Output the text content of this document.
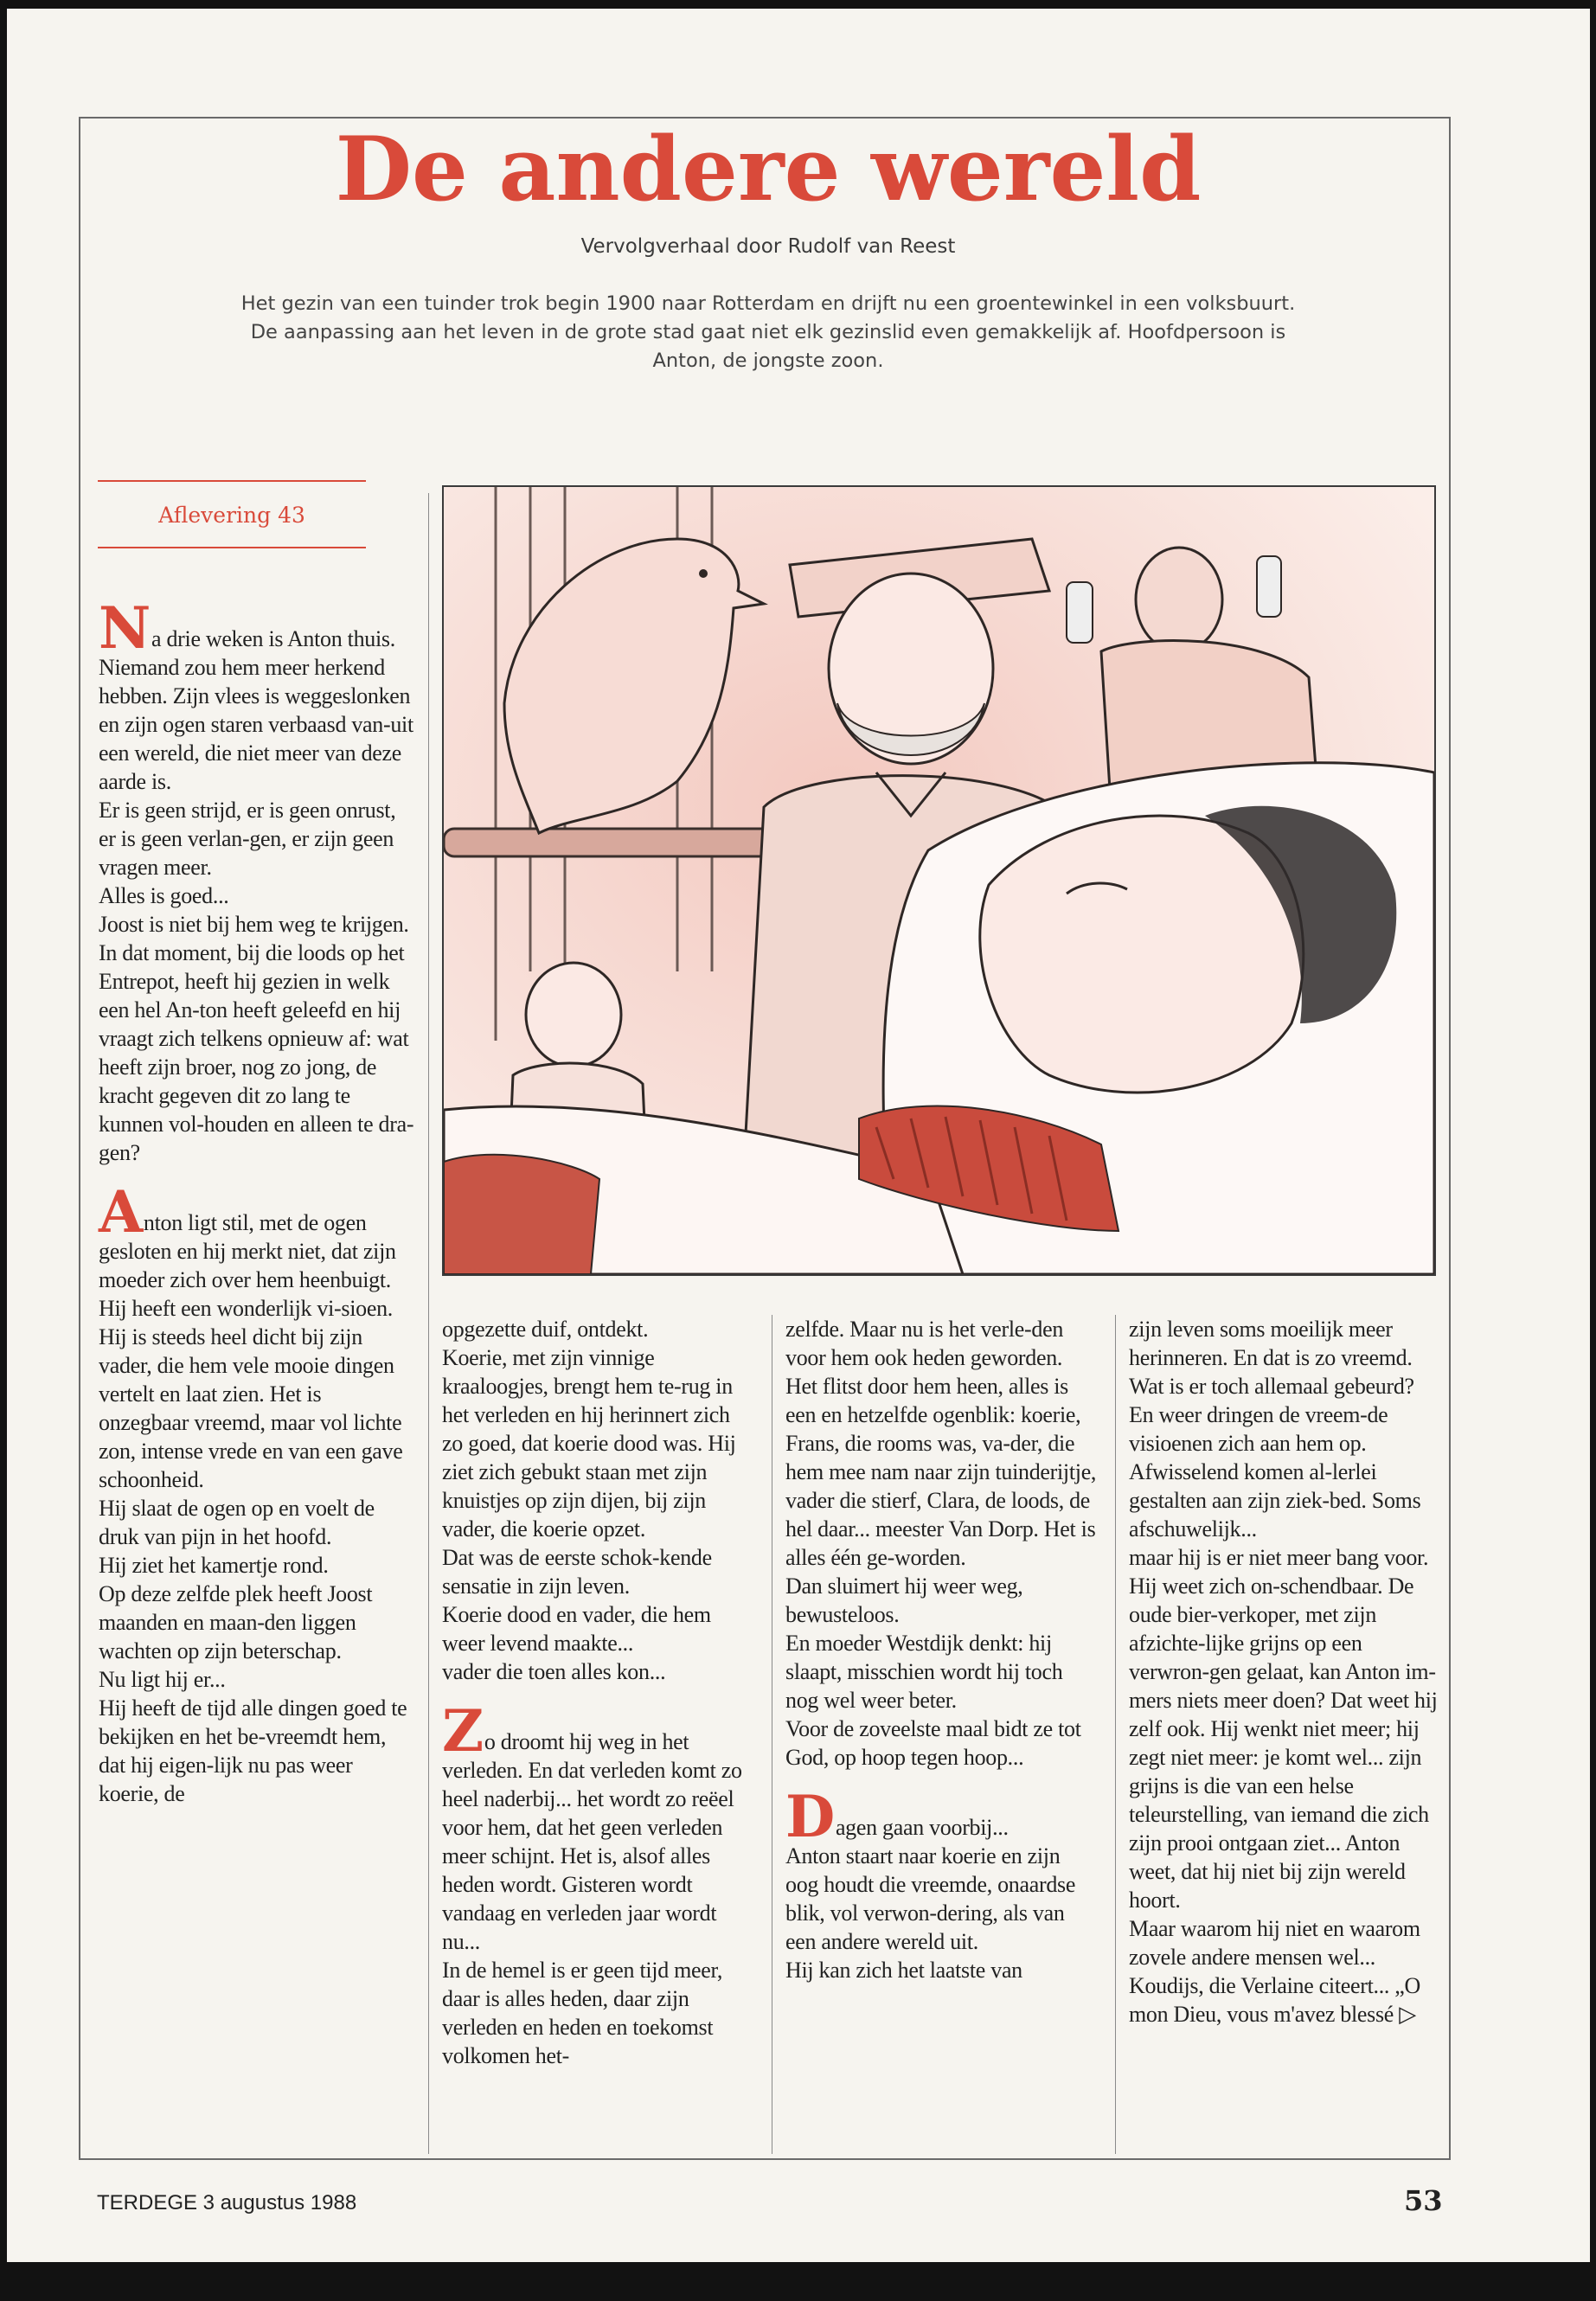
De andere wereld
Vervolgverhaal door Rudolf van Reest
Het gezin van een tuinder trok begin 1900 naar Rotterdam en drijft nu een groentewinkel in een volksbuurt. De aanpassing aan het leven in de grote stad gaat niet elk gezinslid even gemakkelijk af. Hoofdpersoon is Anton, de jongste zoon.
Aflevering 43

Na drie weken is Anton thuis.
Niemand zou hem meer herkend hebben. Zijn vlees is weggeslonken en zijn ogen staren verbaasd van-uit een wereld, die niet meer van deze aarde is.
Er is geen strijd, er is geen onrust, er is geen verlan-gen, er zijn geen vragen meer.
Alles is goed...
Joost is niet bij hem weg te krijgen.
In dat moment, bij die loods op het Entrepot, heeft hij gezien in welk een hel An-ton heeft geleefd en hij vraagt zich telkens opnieuw af: wat heeft zijn broer, nog zo jong, de kracht gegeven dit zo lang te kunnen vol-houden en alleen te dra-gen?

Anton ligt stil, met de ogen gesloten en hij merkt niet, dat zijn moeder zich over hem heenbuigt.
Hij heeft een wonderlijk vi-sioen.
Hij is steeds heel dicht bij zijn vader, die hem vele mooie dingen vertelt en laat zien. Het is onzegbaar vreemd, maar vol lichte zon, intense vrede en van een gave schoonheid.
Hij slaat de ogen op en voelt de druk van pijn in het hoofd.
Hij ziet het kamertje rond.
Op deze zelfde plek heeft Joost maanden en maan-den liggen wachten op zijn beterschap.
Nu ligt hij er...
Hij heeft de tijd alle dingen goed te bekijken en het be-vreemdt hem, dat hij eigen-lijk nu pas weer koerie, de

opgezette duif, ontdekt.
Koerie, met zijn vinnige kraaloogjes, brengt hem te-rug in het verleden en hij herinnert zich zo goed, dat koerie dood was. Hij ziet zich gebukt staan met zijn knuistjes op zijn dijen, bij zijn vader, die koerie opzet.
Dat was de eerste schok-kende sensatie in zijn leven.
Koerie dood en vader, die hem weer levend maakte...
vader die toen alles kon...

Zo droomt hij weg in het verleden. En dat verleden komt zo heel naderbij... het wordt zo reëel voor hem, dat het geen verleden meer schijnt. Het is, alsof alles heden wordt. Gisteren wordt vandaag en verleden jaar wordt nu...
In de hemel is er geen tijd meer, daar is alles heden, daar zijn verleden en heden en toekomst volkomen het-

zelfde. Maar nu is het verle-den voor hem ook heden geworden. Het flitst door hem heen, alles is een en hetzelfde ogenblik: koerie, Frans, die rooms was, va-der, die hem mee nam naar zijn tuinderijtje, vader die stierf, Clara, de loods, de hel daar... meester Van Dorp. Het is alles één ge-worden.
Dan sluimert hij weer weg, bewusteloos.
En moeder Westdijk denkt: hij slaapt, misschien wordt hij toch nog wel weer beter.
Voor de zoveelste maal bidt ze tot God, op hoop tegen hoop...

Dagen gaan voorbij...
Anton staart naar koerie en zijn oog houdt die vreemde, onaardse blik, vol verwon-dering, als van een andere wereld uit.
Hij kan zich het laatste van

zijn leven soms moeilijk meer herinneren. En dat is zo vreemd. Wat is er toch allemaal gebeurd?
En weer dringen de vreem-de visioenen zich aan hem op. Afwisselend komen al-lerlei gestalten aan zijn ziek-bed. Soms afschuwelijk...
maar hij is er niet meer bang voor. Hij weet zich on-schendbaar. De oude bier-verkoper, met zijn afzichte-lijke grijns op een verwron-gen gelaat, kan Anton im-mers niets meer doen? Dat weet hij zelf ook. Hij wenkt niet meer; hij zegt niet meer: je komt wel... zijn grijns is die van een helse teleurstelling, van iemand die zich zijn prooi ontgaan ziet... Anton weet, dat hij niet bij zijn wereld hoort.
Maar waarom hij niet en waarom zovele andere mensen wel... Koudijs, die Verlaine citeert... „O mon Dieu, vous m'avez blessé ▷

TERDEGE 3 augustus 1988	53
